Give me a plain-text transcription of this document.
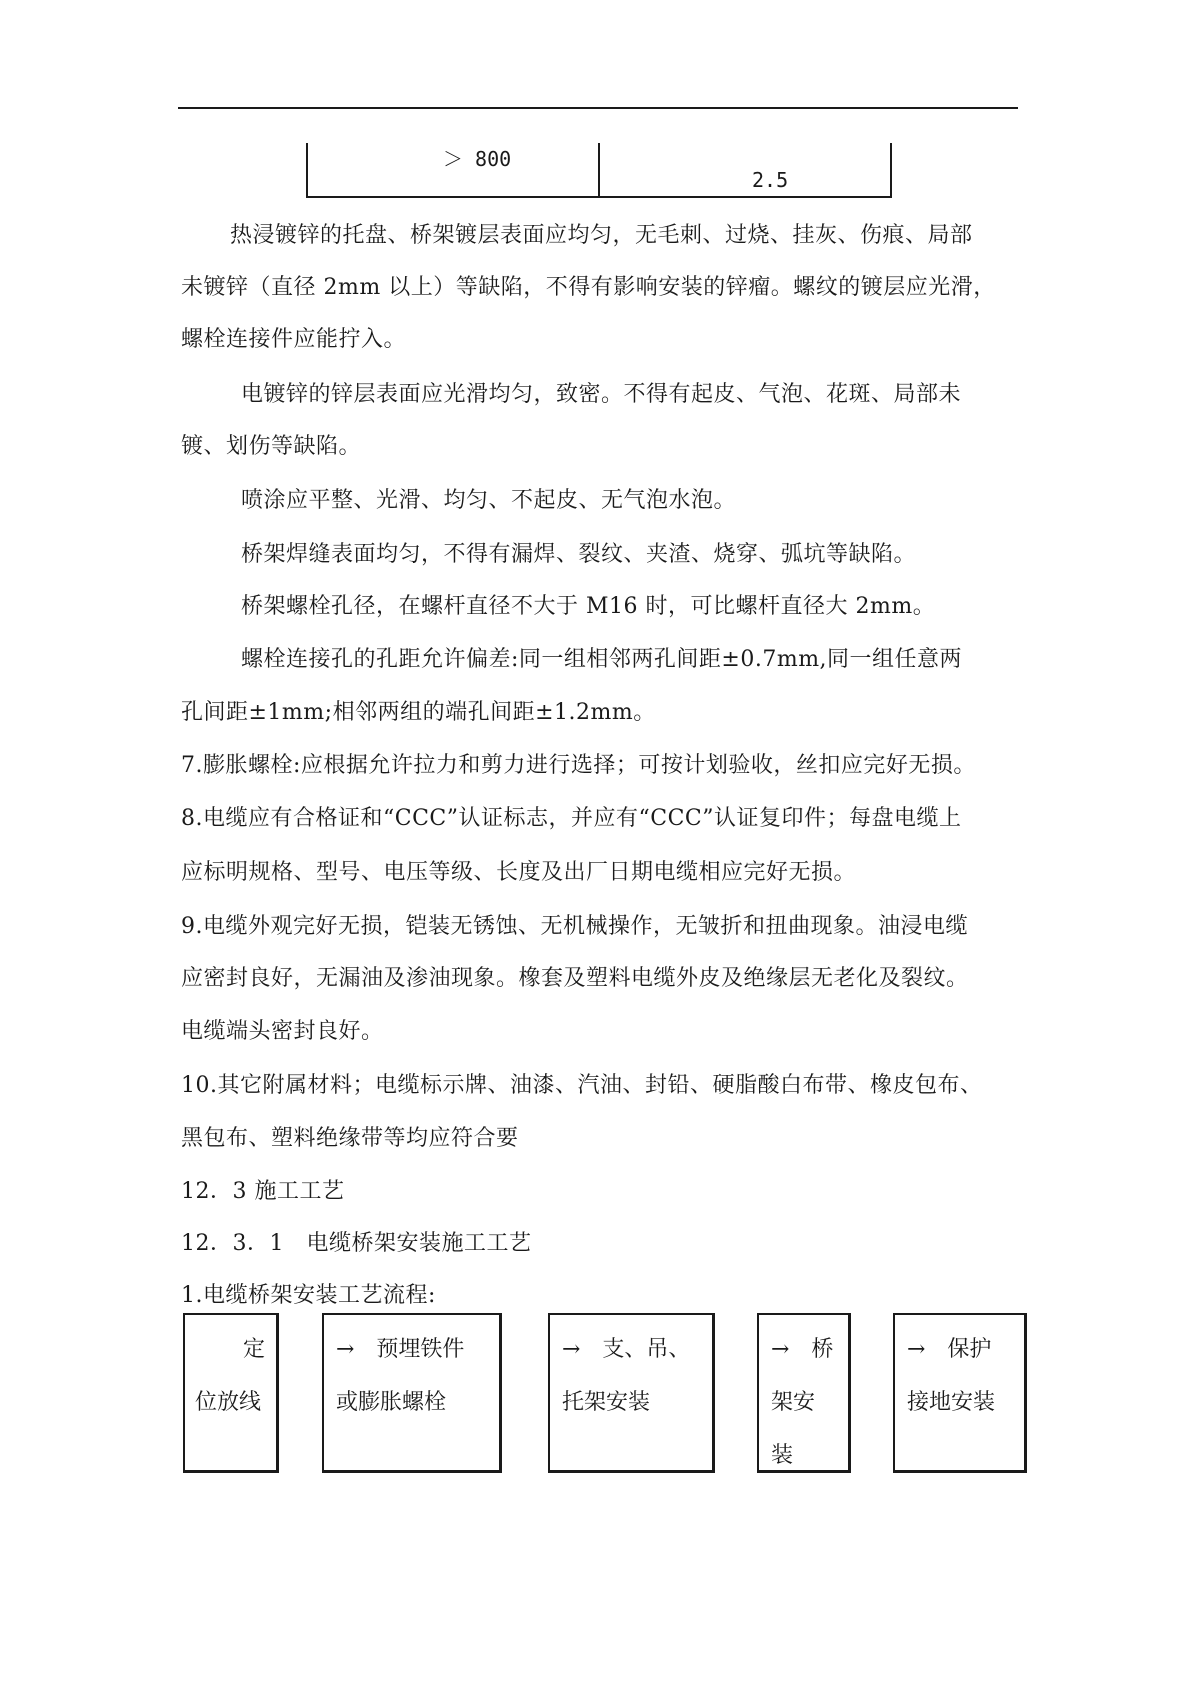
＞ 800
2.5
热浸镀锌的托盘、桥架镀层表面应均匀，无毛刺、过烧、挂灰、伤痕、局部
未镀锌（直径 2mm 以上）等缺陷，不得有影响安装的锌瘤。螺纹的镀层应光滑，
螺栓连接件应能拧入。
电镀锌的锌层表面应光滑均匀，致密。不得有起皮、气泡、花斑、局部未
镀、划伤等缺陷。
喷涂应平整、光滑、均匀、不起皮、无气泡水泡。
桥架焊缝表面均匀，不得有漏焊、裂纹、夹渣、烧穿、弧坑等缺陷。
桥架螺栓孔径，在螺杆直径不大于 M16 时，可比螺杆直径大 2mm。
螺栓连接孔的孔距允许偏差:同一组相邻两孔间距±0.7mm,同一组任意两
孔间距±1mm;相邻两组的端孔间距±1.2mm。
7.膨胀螺栓:应根据允许拉力和剪力进行选择；可按计划验收，丝扣应完好无损。
8.电缆应有合格证和“CCC”认证标志，并应有“CCC”认证复印件；每盘电缆上
应标明规格、型号、电压等级、长度及出厂日期电缆相应完好无损。
9.电缆外观完好无损，铠装无锈蚀、无机械操作，无皱折和扭曲现象。油浸电缆
应密封良好，无漏油及渗油现象。橡套及塑料电缆外皮及绝缘层无老化及裂纹。
电缆端头密封良好。
10.其它附属材料；电缆标示牌、油漆、汽油、封铅、硬脂酸白布带、橡皮包布、
黑包布、塑料绝缘带等均应符合要
12．3 施工工艺
12．3．1　电缆桥架安装施工工艺
1.电缆桥架安装工艺流程:
定
位放线
→　预埋铁件
或膨胀螺栓
→　支、吊、
托架安装
→　桥
架安
装
→　保护
接地安装
